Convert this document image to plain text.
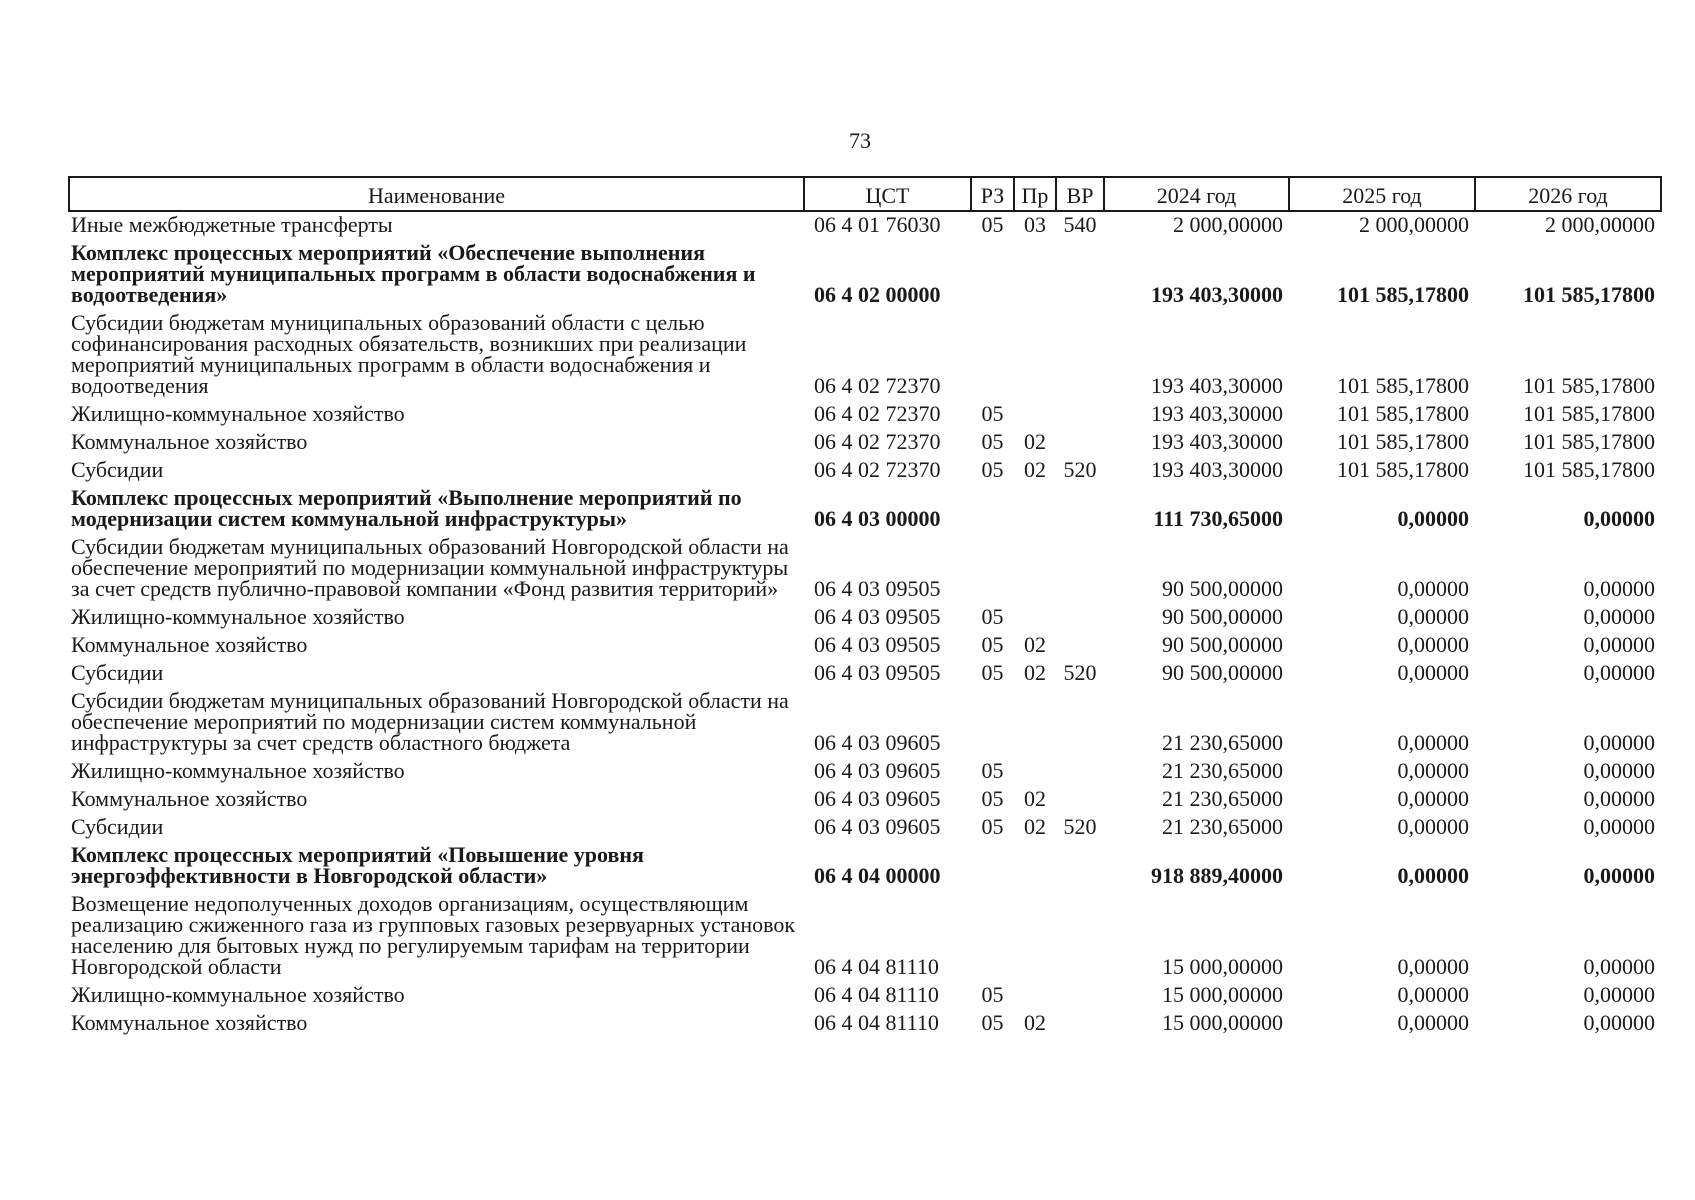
73
Наименование	ЦСТ	РЗ	Пр	ВР	2024 год	2025 год	2026 год
Иные межбюджетные трансферты	06 4 01 76030	05	03	540	2 000,00000	2 000,00000	2 000,00000
Комплекс процессных мероприятий «Обеспечение выполнения мероприятий муниципальных программ в области водоснабжения и водоотведения»	06 4 02 00000				193 403,30000	101 585,17800	101 585,17800
Субсидии бюджетам муниципальных образований области с целью софинансирования расходных обязательств, возникших при реализации мероприятий муниципальных программ в области водоснабжения и водоотведения	06 4 02 72370				193 403,30000	101 585,17800	101 585,17800
Жилищно-коммунальное хозяйство	06 4 02 72370	05			193 403,30000	101 585,17800	101 585,17800
Коммунальное хозяйство	06 4 02 72370	05	02		193 403,30000	101 585,17800	101 585,17800
Субсидии	06 4 02 72370	05	02	520	193 403,30000	101 585,17800	101 585,17800
Комплекс процессных мероприятий «Выполнение мероприятий по модернизации систем коммунальной инфраструктуры»	06 4 03 00000				111 730,65000	0,00000	0,00000
Субсидии бюджетам муниципальных образований Новгородской области на обеспечение мероприятий по модернизации коммунальной инфраструктуры за счет средств публично-правовой компании «Фонд развития территорий»	06 4 03 09505				90 500,00000	0,00000	0,00000
Жилищно-коммунальное хозяйство	06 4 03 09505	05			90 500,00000	0,00000	0,00000
Коммунальное хозяйство	06 4 03 09505	05	02		90 500,00000	0,00000	0,00000
Субсидии	06 4 03 09505	05	02	520	90 500,00000	0,00000	0,00000
Субсидии бюджетам муниципальных образований Новгородской области на обеспечение мероприятий по модернизации систем коммунальной инфраструктуры за счет средств областного бюджета	06 4 03 09605				21 230,65000	0,00000	0,00000
Жилищно-коммунальное хозяйство	06 4 03 09605	05			21 230,65000	0,00000	0,00000
Коммунальное хозяйство	06 4 03 09605	05	02		21 230,65000	0,00000	0,00000
Субсидии	06 4 03 09605	05	02	520	21 230,65000	0,00000	0,00000
Комплекс процессных мероприятий «Повышение уровня энергоэффективности в Новгородской области»	06 4 04 00000				918 889,40000	0,00000	0,00000
Возмещение недополученных доходов организациям, осуществляющим реализацию сжиженного газа из групповых газовых резервуарных установок населению для бытовых нужд по регулируемым тарифам на территории Новгородской области	06 4 04 81110				15 000,00000	0,00000	0,00000
Жилищно-коммунальное хозяйство	06 4 04 81110	05			15 000,00000	0,00000	0,00000
Коммунальное хозяйство	06 4 04 81110	05	02		15 000,00000	0,00000	0,00000
